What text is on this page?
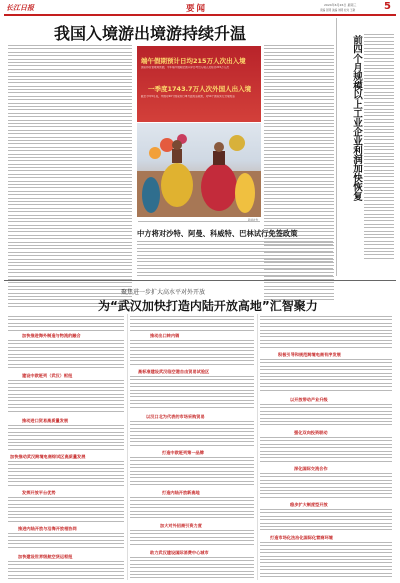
长江日报	要闻	2024年6月26日 星期三
责编 张明 美编 刘明 校对 王敏	5
我国入境游出境游持续升温
端午假期预计日均215万人次出入境
国家移民管理局预测，今年端午假期全国口岸日均出入境人员将达215万人次
一季度1743.7万人次外国人出入境
截至今年5月底，中国对20个国家实行单方面免签政策，对54个国家实行过境免签
中方将对沙特、阿曼、科威特、巴林试行免签政策
前四个月规模以上工业企业利润加快恢复
聚焦进一步扩大高水平对外开放
为“武汉加快打造内陆开放高地”汇智聚力
加快推进海外制造与物流的融合
建设中欧班列（武汉）枢纽
推动进口贸易高质量发展
加快推动武汉跨境电商综试区高质量发展
发挥开放平台优势
推进内陆开放与沿海开放相协同
加快建设世界级航空货运枢纽
推动出口转内销
高标准建设武汉临空港自由贸易试验区
以汉口北为代表的市场采购贸易
打造中欧班列第一品牌
打造内陆开放新高地
加大对外招商引资力度
助力武汉建设国际消费中心城市
积极引导和规范跨境电商有序发展
以开放带动产业升级
强化双向投资联动
深化国际交流合作
稳步扩大制度型开放
打造市场化法治化国际化营商环境
